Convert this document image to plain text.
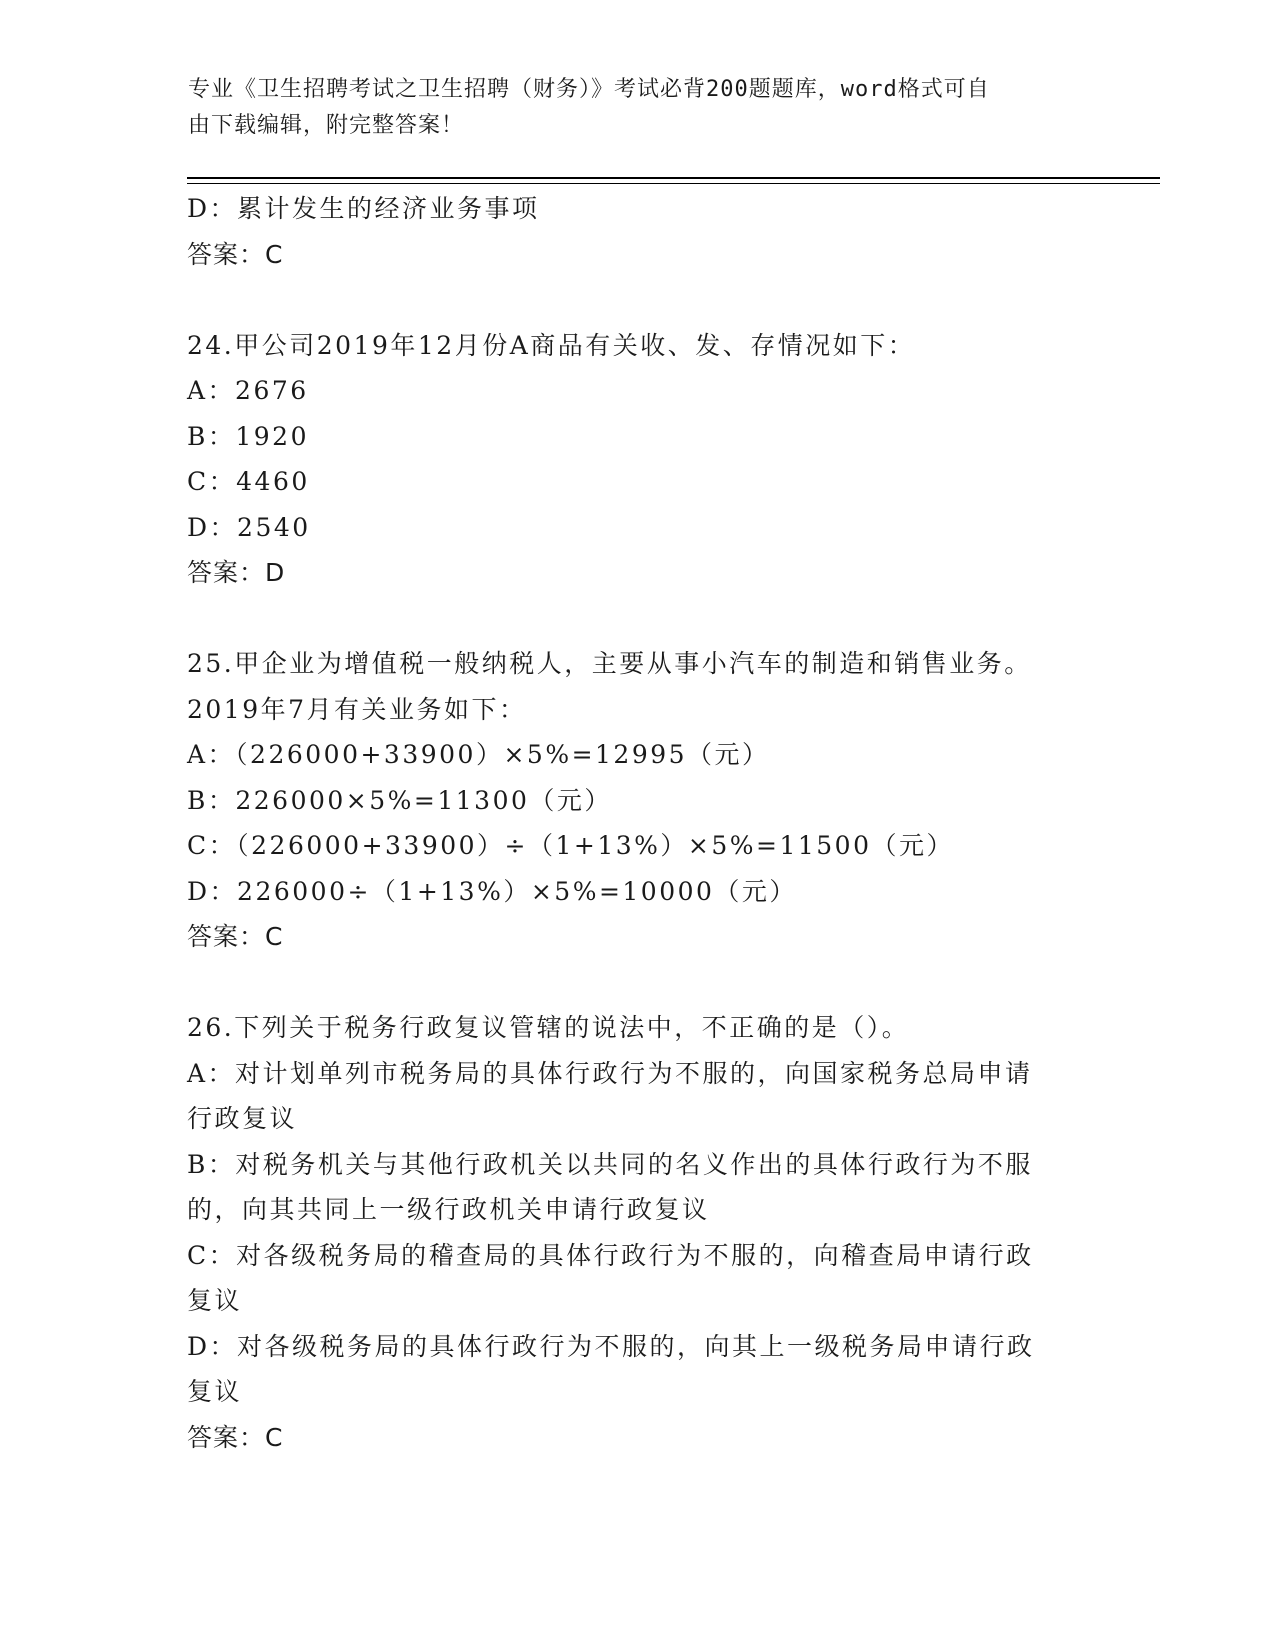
专业《卫生招聘考试之卫生招聘（财务）》考试必背200题题库，word格式可自
由下载编辑，附完整答案！
D：累计发生的经济业务事项
答案：C
24.甲公司2019年12月份A商品有关收、发、存情况如下：
A：2676
B：1920
C：4460
D：2540
答案：D
25.甲企业为增值税一般纳税人，主要从事小汽车的制造和销售业务。
2019年7月有关业务如下：
A：（226000+33900）×5%=12995（元）
B：226000×5%=11300（元）
C：（226000+33900）÷（1+13%）×5%=11500（元）
D：226000÷（1+13%）×5%=10000（元）
答案：C
26.下列关于税务行政复议管辖的说法中，不正确的是（）。
A：对计划单列市税务局的具体行政行为不服的，向国家税务总局申请
行政复议
B：对税务机关与其他行政机关以共同的名义作出的具体行政行为不服
的，向其共同上一级行政机关申请行政复议
C：对各级税务局的稽查局的具体行政行为不服的，向稽查局申请行政
复议
D：对各级税务局的具体行政行为不服的，向其上一级税务局申请行政
复议
答案：C
